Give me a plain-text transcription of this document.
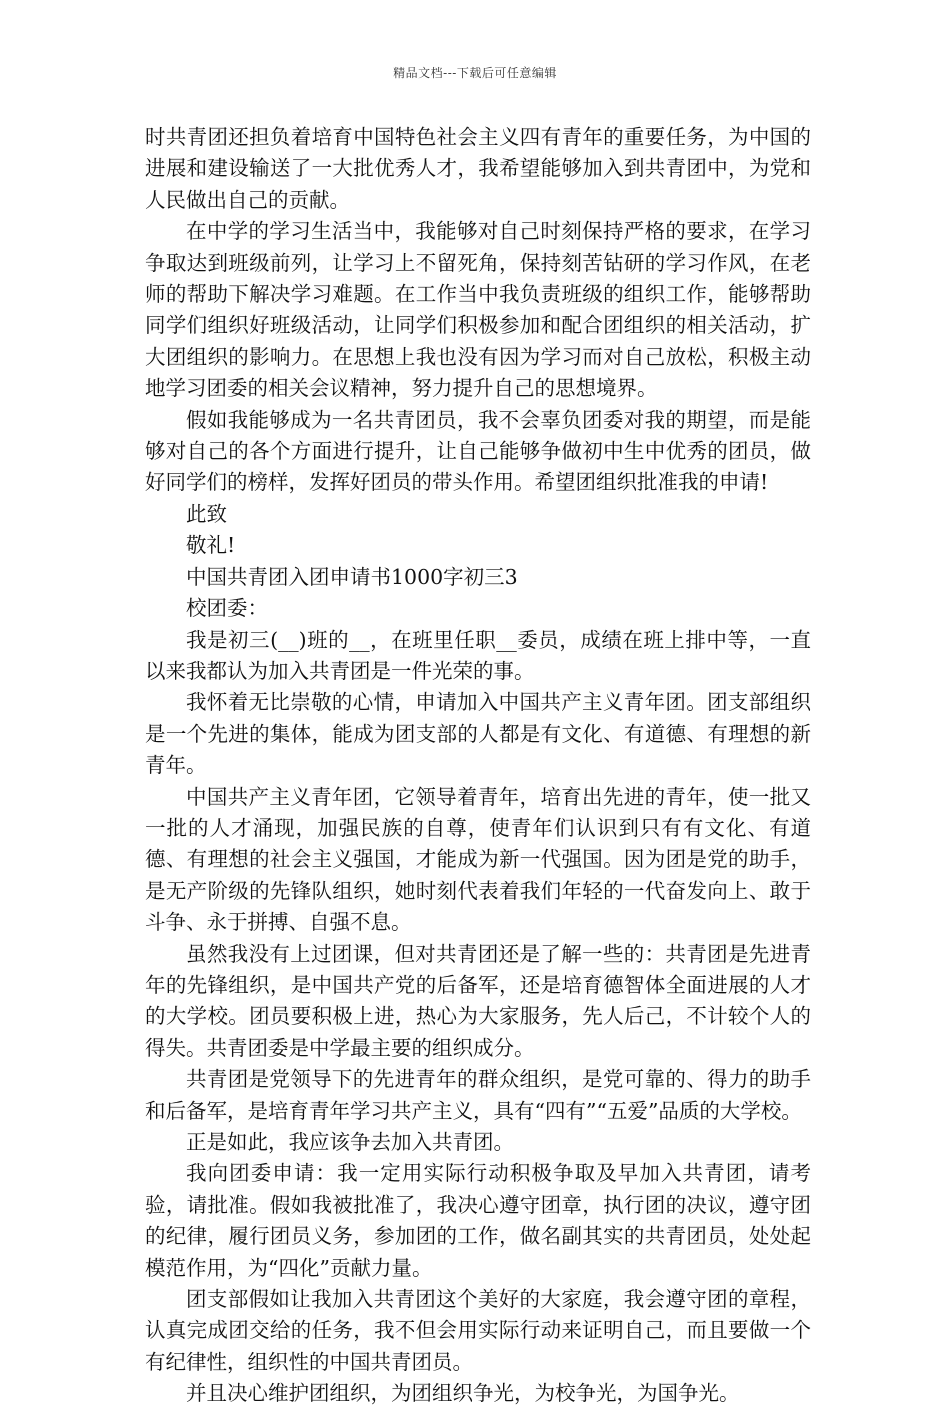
精品文档---下载后可任意编辑

时共青团还担负着培育中国特色社会主义四有青年的重要任务，为中国的进展和建设输送了一大批优秀人才，我希望能够加入到共青团中，为党和人民做出自己的贡献。

在中学的学习生活当中，我能够对自己时刻保持严格的要求，在学习争取达到班级前列，让学习上不留死角，保持刻苦钻研的学习作风，在老师的帮助下解决学习难题。在工作当中我负责班级的组织工作，能够帮助同学们组织好班级活动，让同学们积极参加和配合团组织的相关活动，扩大团组织的影响力。在思想上我也没有因为学习而对自己放松，积极主动地学习团委的相关会议精神，努力提升自己的思想境界。

假如我能够成为一名共青团员，我不会辜负团委对我的期望，而是能够对自己的各个方面进行提升，让自己能够争做初中生中优秀的团员，做好同学们的榜样，发挥好团员的带头作用。希望团组织批准我的申请!

此致

敬礼!

中国共青团入团申请书1000字初三3

校团委：

我是初三(__)班的__，在班里任职__委员，成绩在班上排中等，一直以来我都认为加入共青团是一件光荣的事。

我怀着无比崇敬的心情，申请加入中国共产主义青年团。团支部组织是一个先进的集体，能成为团支部的人都是有文化、有道德、有理想的新青年。

中国共产主义青年团，它领导着青年，培育出先进的青年，使一批又一批的人才涌现，加强民族的自尊，使青年们认识到只有有文化、有道德、有理想的社会主义强国，才能成为新一代强国。因为团是党的助手，是无产阶级的先锋队组织，她时刻代表着我们年轻的一代奋发向上、敢于斗争、永于拼搏、自强不息。

虽然我没有上过团课，但对共青团还是了解一些的：共青团是先进青年的先锋组织，是中国共产党的后备军，还是培育德智体全面进展的人才的大学校。团员要积极上进，热心为大家服务，先人后己，不计较个人的得失。共青团委是中学最主要的组织成分。

共青团是党领导下的先进青年的群众组织，是党可靠的、得力的助手和后备军，是培育青年学习共产主义，具有“四有”“五爱”品质的大学校。

正是如此，我应该争去加入共青团。

我向团委申请：我一定用实际行动积极争取及早加入共青团，请考验，请批准。假如我被批准了，我决心遵守团章，执行团的决议，遵守团的纪律，履行团员义务，参加团的工作，做名副其实的共青团员，处处起模范作用，为“四化”贡献力量。

团支部假如让我加入共青团这个美好的大家庭，我会遵守团的章程，认真完成团交给的任务，我不但会用实际行动来证明自己，而且要做一个有纪律性，组织性的中国共青团员。

并且决心维护团组织，为团组织争光，为校争光，为国争光。
